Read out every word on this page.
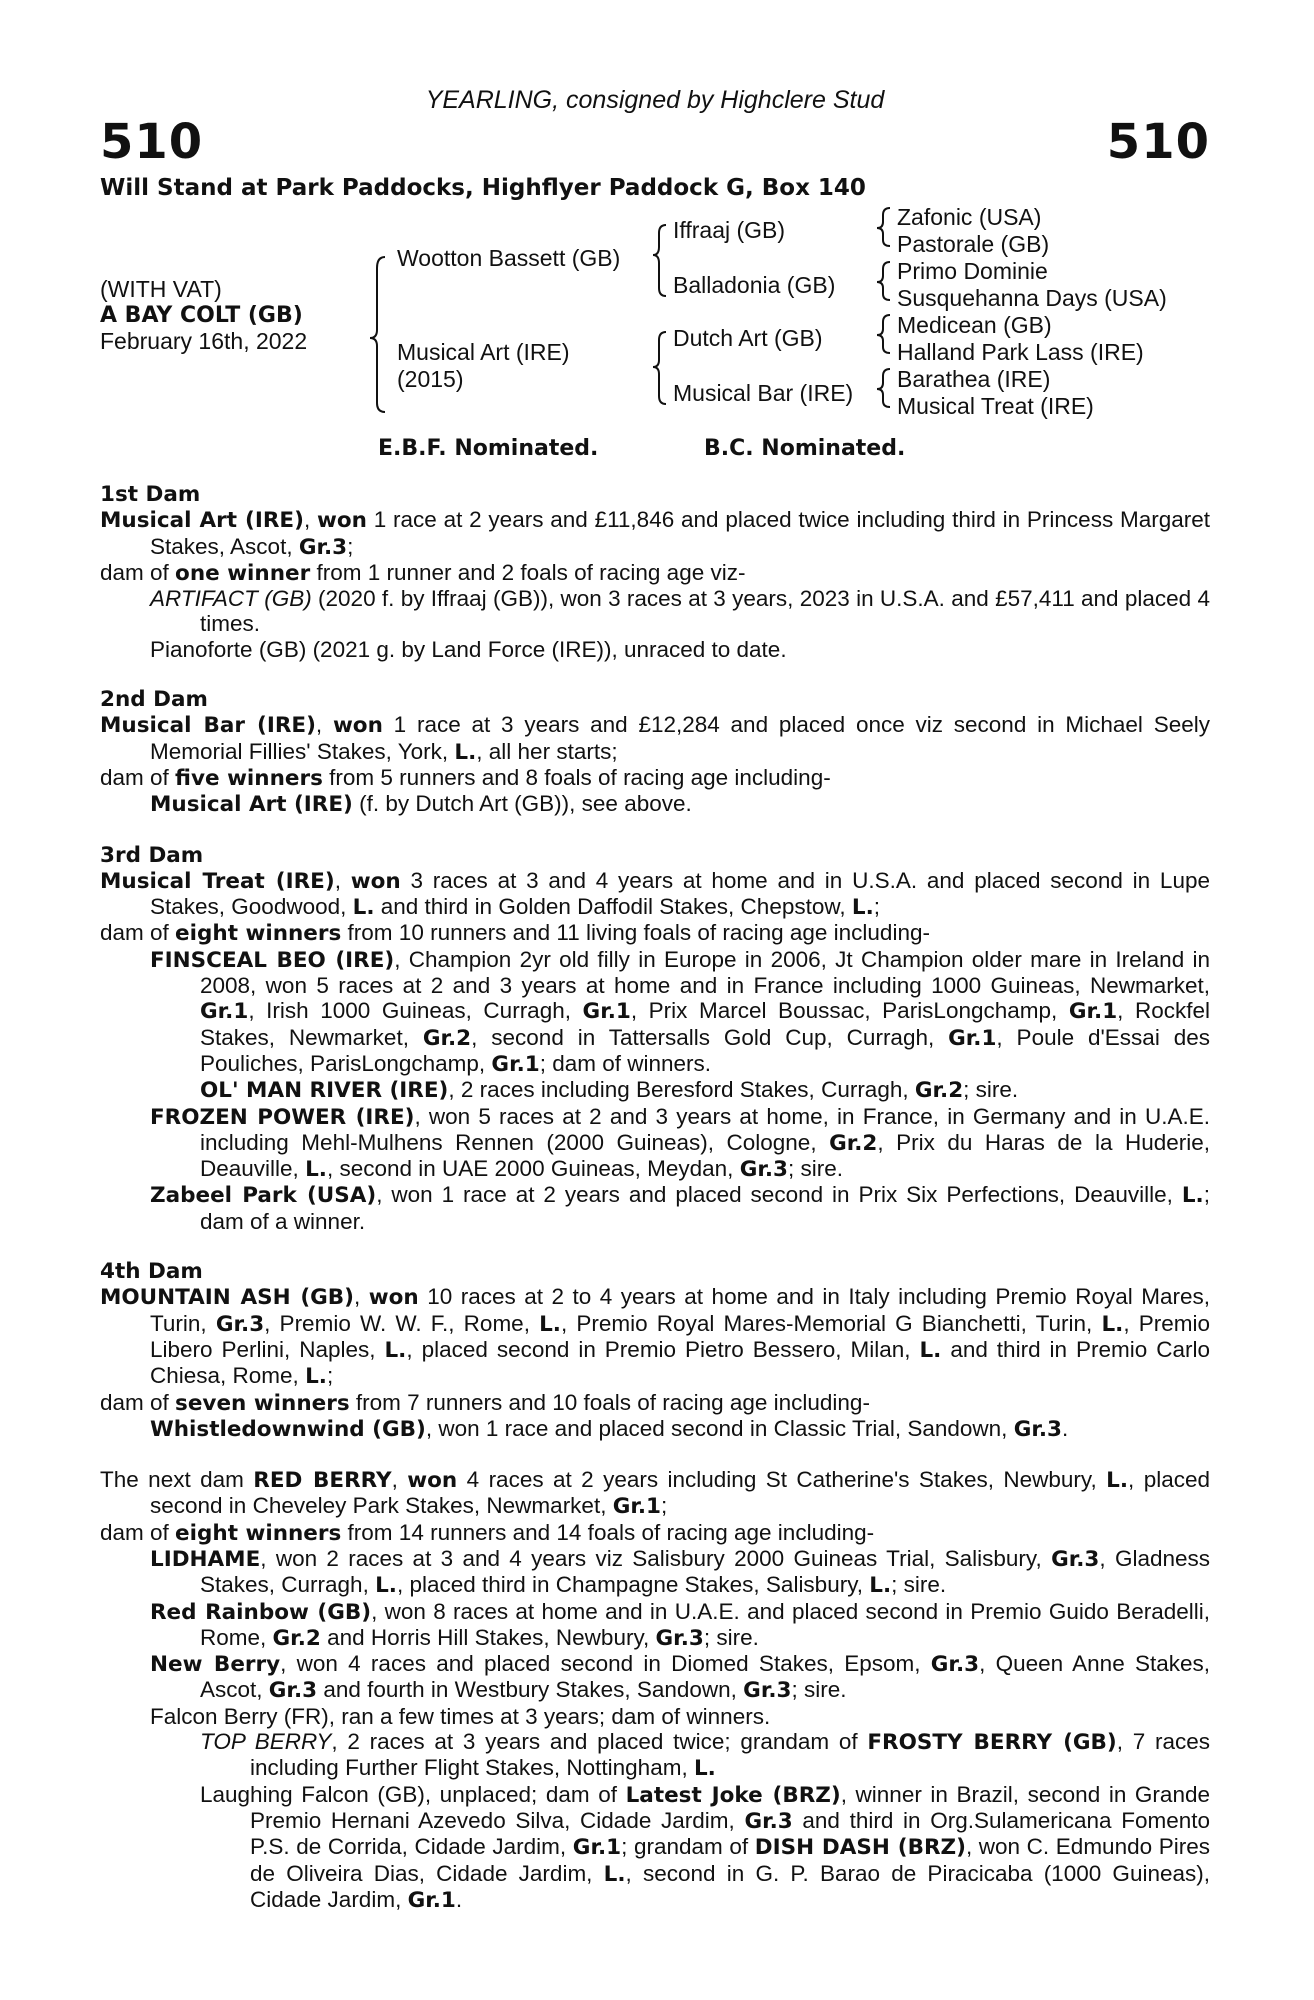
YEARLING, consigned by Highclere Stud
510	510
Will Stand at Park Paddocks, Highflyer Paddock G, Box 140
(WITH VAT)
A BAY COLT (GB)
February 16th, 2022
Wootton Bassett (GB)
Musical Art (IRE)
(2015)
Iffraaj (GB)
Balladonia (GB)
Dutch Art (GB)
Musical Bar (IRE)
Zafonic (USA)
Pastorale (GB)
Primo Dominie
Susquehanna Days (USA)
Medicean (GB)
Halland Park Lass (IRE)
Barathea (IRE)
Musical Treat (IRE)
E.B.F. Nominated.	B.C. Nominated.
1st Dam
Musical Art (IRE), won 1 race at 2 years and £11,846 and placed twice including third in Princess Margaret Stakes, Ascot, Gr.3;
dam of one winner from 1 runner and 2 foals of racing age viz-
ARTIFACT (GB) (2020 f. by Iffraaj (GB)), won 3 races at 3 years, 2023 in U.S.A. and £57,411 and placed 4 times.
Pianoforte (GB) (2021 g. by Land Force (IRE)), unraced to date.
2nd Dam
Musical Bar (IRE), won 1 race at 3 years and £12,284 and placed once viz second in Michael Seely Memorial Fillies' Stakes, York, L., all her starts;
dam of five winners from 5 runners and 8 foals of racing age including-
Musical Art (IRE) (f. by Dutch Art (GB)), see above.
3rd Dam
Musical Treat (IRE), won 3 races at 3 and 4 years at home and in U.S.A. and placed second in Lupe Stakes, Goodwood, L. and third in Golden Daffodil Stakes, Chepstow, L.;
dam of eight winners from 10 runners and 11 living foals of racing age including-
FINSCEAL BEO (IRE), Champion 2yr old filly in Europe in 2006, Jt Champion older mare in Ireland in 2008, won 5 races at 2 and 3 years at home and in France including 1000 Guineas, Newmarket, Gr.1, Irish 1000 Guineas, Curragh, Gr.1, Prix Marcel Boussac, ParisLongchamp, Gr.1, Rockfel Stakes, Newmarket, Gr.2, second in Tattersalls Gold Cup, Curragh, Gr.1, Poule d'Essai des Pouliches, ParisLongchamp, Gr.1; dam of winners.
OL' MAN RIVER (IRE), 2 races including Beresford Stakes, Curragh, Gr.2; sire.
FROZEN POWER (IRE), won 5 races at 2 and 3 years at home, in France, in Germany and in U.A.E. including Mehl-Mulhens Rennen (2000 Guineas), Cologne, Gr.2, Prix du Haras de la Huderie, Deauville, L., second in UAE 2000 Guineas, Meydan, Gr.3; sire.
Zabeel Park (USA), won 1 race at 2 years and placed second in Prix Six Perfections, Deauville, L.; dam of a winner.
4th Dam
MOUNTAIN ASH (GB), won 10 races at 2 to 4 years at home and in Italy including Premio Royal Mares, Turin, Gr.3, Premio W. W. F., Rome, L., Premio Royal Mares-Memorial G Bianchetti, Turin, L., Premio Libero Perlini, Naples, L., placed second in Premio Pietro Bessero, Milan, L. and third in Premio Carlo Chiesa, Rome, L.;
dam of seven winners from 7 runners and 10 foals of racing age including-
Whistledownwind (GB), won 1 race and placed second in Classic Trial, Sandown, Gr.3.
The next dam RED BERRY, won 4 races at 2 years including St Catherine's Stakes, Newbury, L., placed second in Cheveley Park Stakes, Newmarket, Gr.1;
dam of eight winners from 14 runners and 14 foals of racing age including-
LIDHAME, won 2 races at 3 and 4 years viz Salisbury 2000 Guineas Trial, Salisbury, Gr.3, Gladness Stakes, Curragh, L., placed third in Champagne Stakes, Salisbury, L.; sire.
Red Rainbow (GB), won 8 races at home and in U.A.E. and placed second in Premio Guido Beradelli, Rome, Gr.2 and Horris Hill Stakes, Newbury, Gr.3; sire.
New Berry, won 4 races and placed second in Diomed Stakes, Epsom, Gr.3, Queen Anne Stakes, Ascot, Gr.3 and fourth in Westbury Stakes, Sandown, Gr.3; sire.
Falcon Berry (FR), ran a few times at 3 years; dam of winners.
TOP BERRY, 2 races at 3 years and placed twice; grandam of FROSTY BERRY (GB), 7 races including Further Flight Stakes, Nottingham, L.
Laughing Falcon (GB), unplaced; dam of Latest Joke (BRZ), winner in Brazil, second in Grande Premio Hernani Azevedo Silva, Cidade Jardim, Gr.3 and third in Org.Sulamericana Fomento P.S. de Corrida, Cidade Jardim, Gr.1; grandam of DISH DASH (BRZ), won C. Edmundo Pires de Oliveira Dias, Cidade Jardim, L., second in G. P. Barao de Piracicaba (1000 Guineas), Cidade Jardim, Gr.1.
